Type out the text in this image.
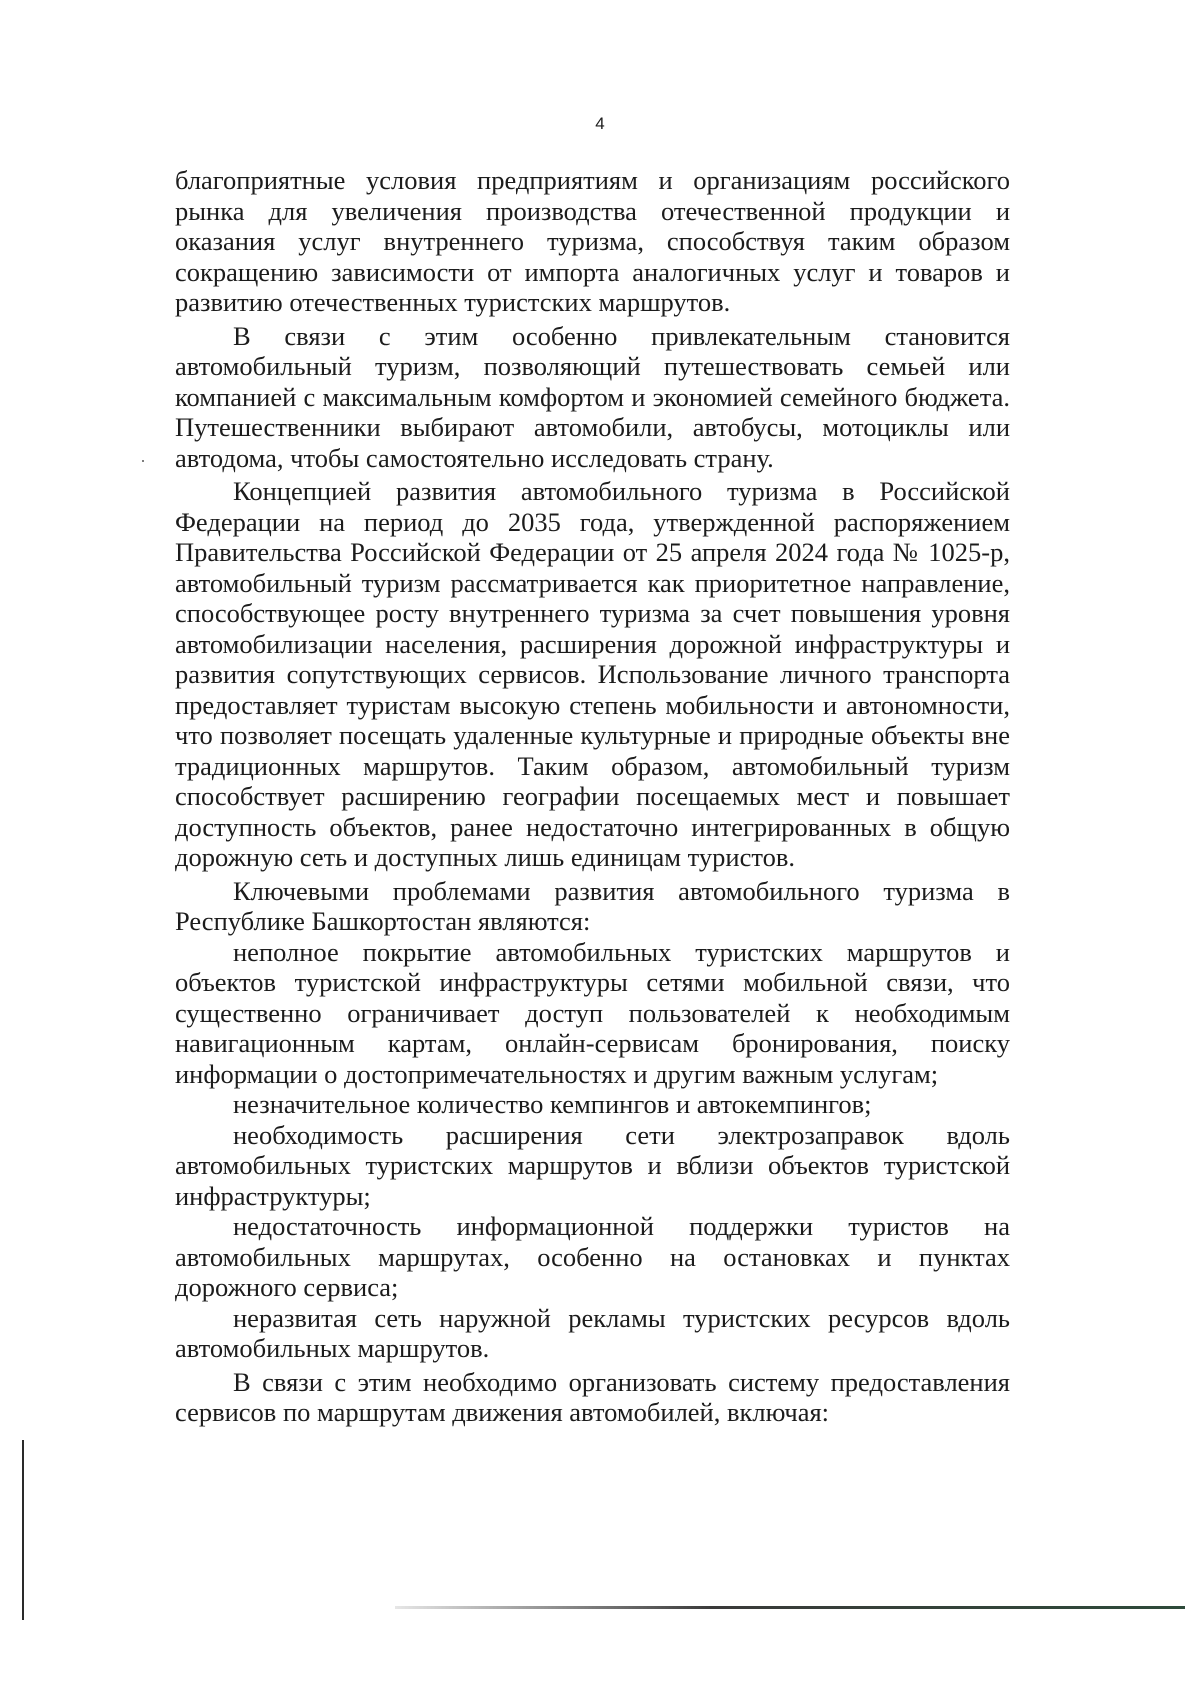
4

благоприятные условия предприятиям и организациям российского рынка для увеличения производства отечественной продукции и оказания услуг внутреннего туризма, способствуя таким образом сокращению зависимости от импорта аналогичных услуг и товаров и развитию отечественных туристских маршрутов.

В связи с этим особенно привлекательным становится автомобильный туризм, позволяющий путешествовать семьей или компанией с максимальным комфортом и экономией семейного бюджета. Путешественники выбирают автомобили, автобусы, мотоциклы или автодома, чтобы самостоятельно исследовать страну.

Концепцией развития автомобильного туризма в Российской Федерации на период до 2035 года, утвержденной распоряжением Правительства Российской Федерации от 25 апреля 2024 года № 1025-р, автомобильный туризм рассматривается как приоритетное направление, способствующее росту внутреннего туризма за счет повышения уровня автомобилизации населения, расширения дорожной инфраструктуры и развития сопутствующих сервисов. Использование личного транспорта предоставляет туристам высокую степень мобильности и автономности, что позволяет посещать удаленные культурные и природные объекты вне традиционных маршрутов. Таким образом, автомобильный туризм способствует расширению географии посещаемых мест и повышает доступность объектов, ранее недостаточно интегрированных в общую дорожную сеть и доступных лишь единицам туристов.

Ключевыми проблемами развития автомобильного туризма в Республике Башкортостан являются:

неполное покрытие автомобильных туристских маршрутов и объектов туристской инфраструктуры сетями мобильной связи, что существенно ограничивает доступ пользователей к необходимым навигационным картам, онлайн-сервисам бронирования, поиску информации о достопримечательностях и другим важным услугам;

незначительное количество кемпингов и автокемпингов;

необходимость расширения сети электрозаправок вдоль автомобильных туристских маршрутов и вблизи объектов туристской инфраструктуры;

недостаточность информационной поддержки туристов на автомобильных маршрутах, особенно на остановках и пунктах дорожного сервиса;

неразвитая сеть наружной рекламы туристских ресурсов вдоль автомобильных маршрутов.

В связи с этим необходимо организовать систему предоставления сервисов по маршрутам движения автомобилей, включая:
